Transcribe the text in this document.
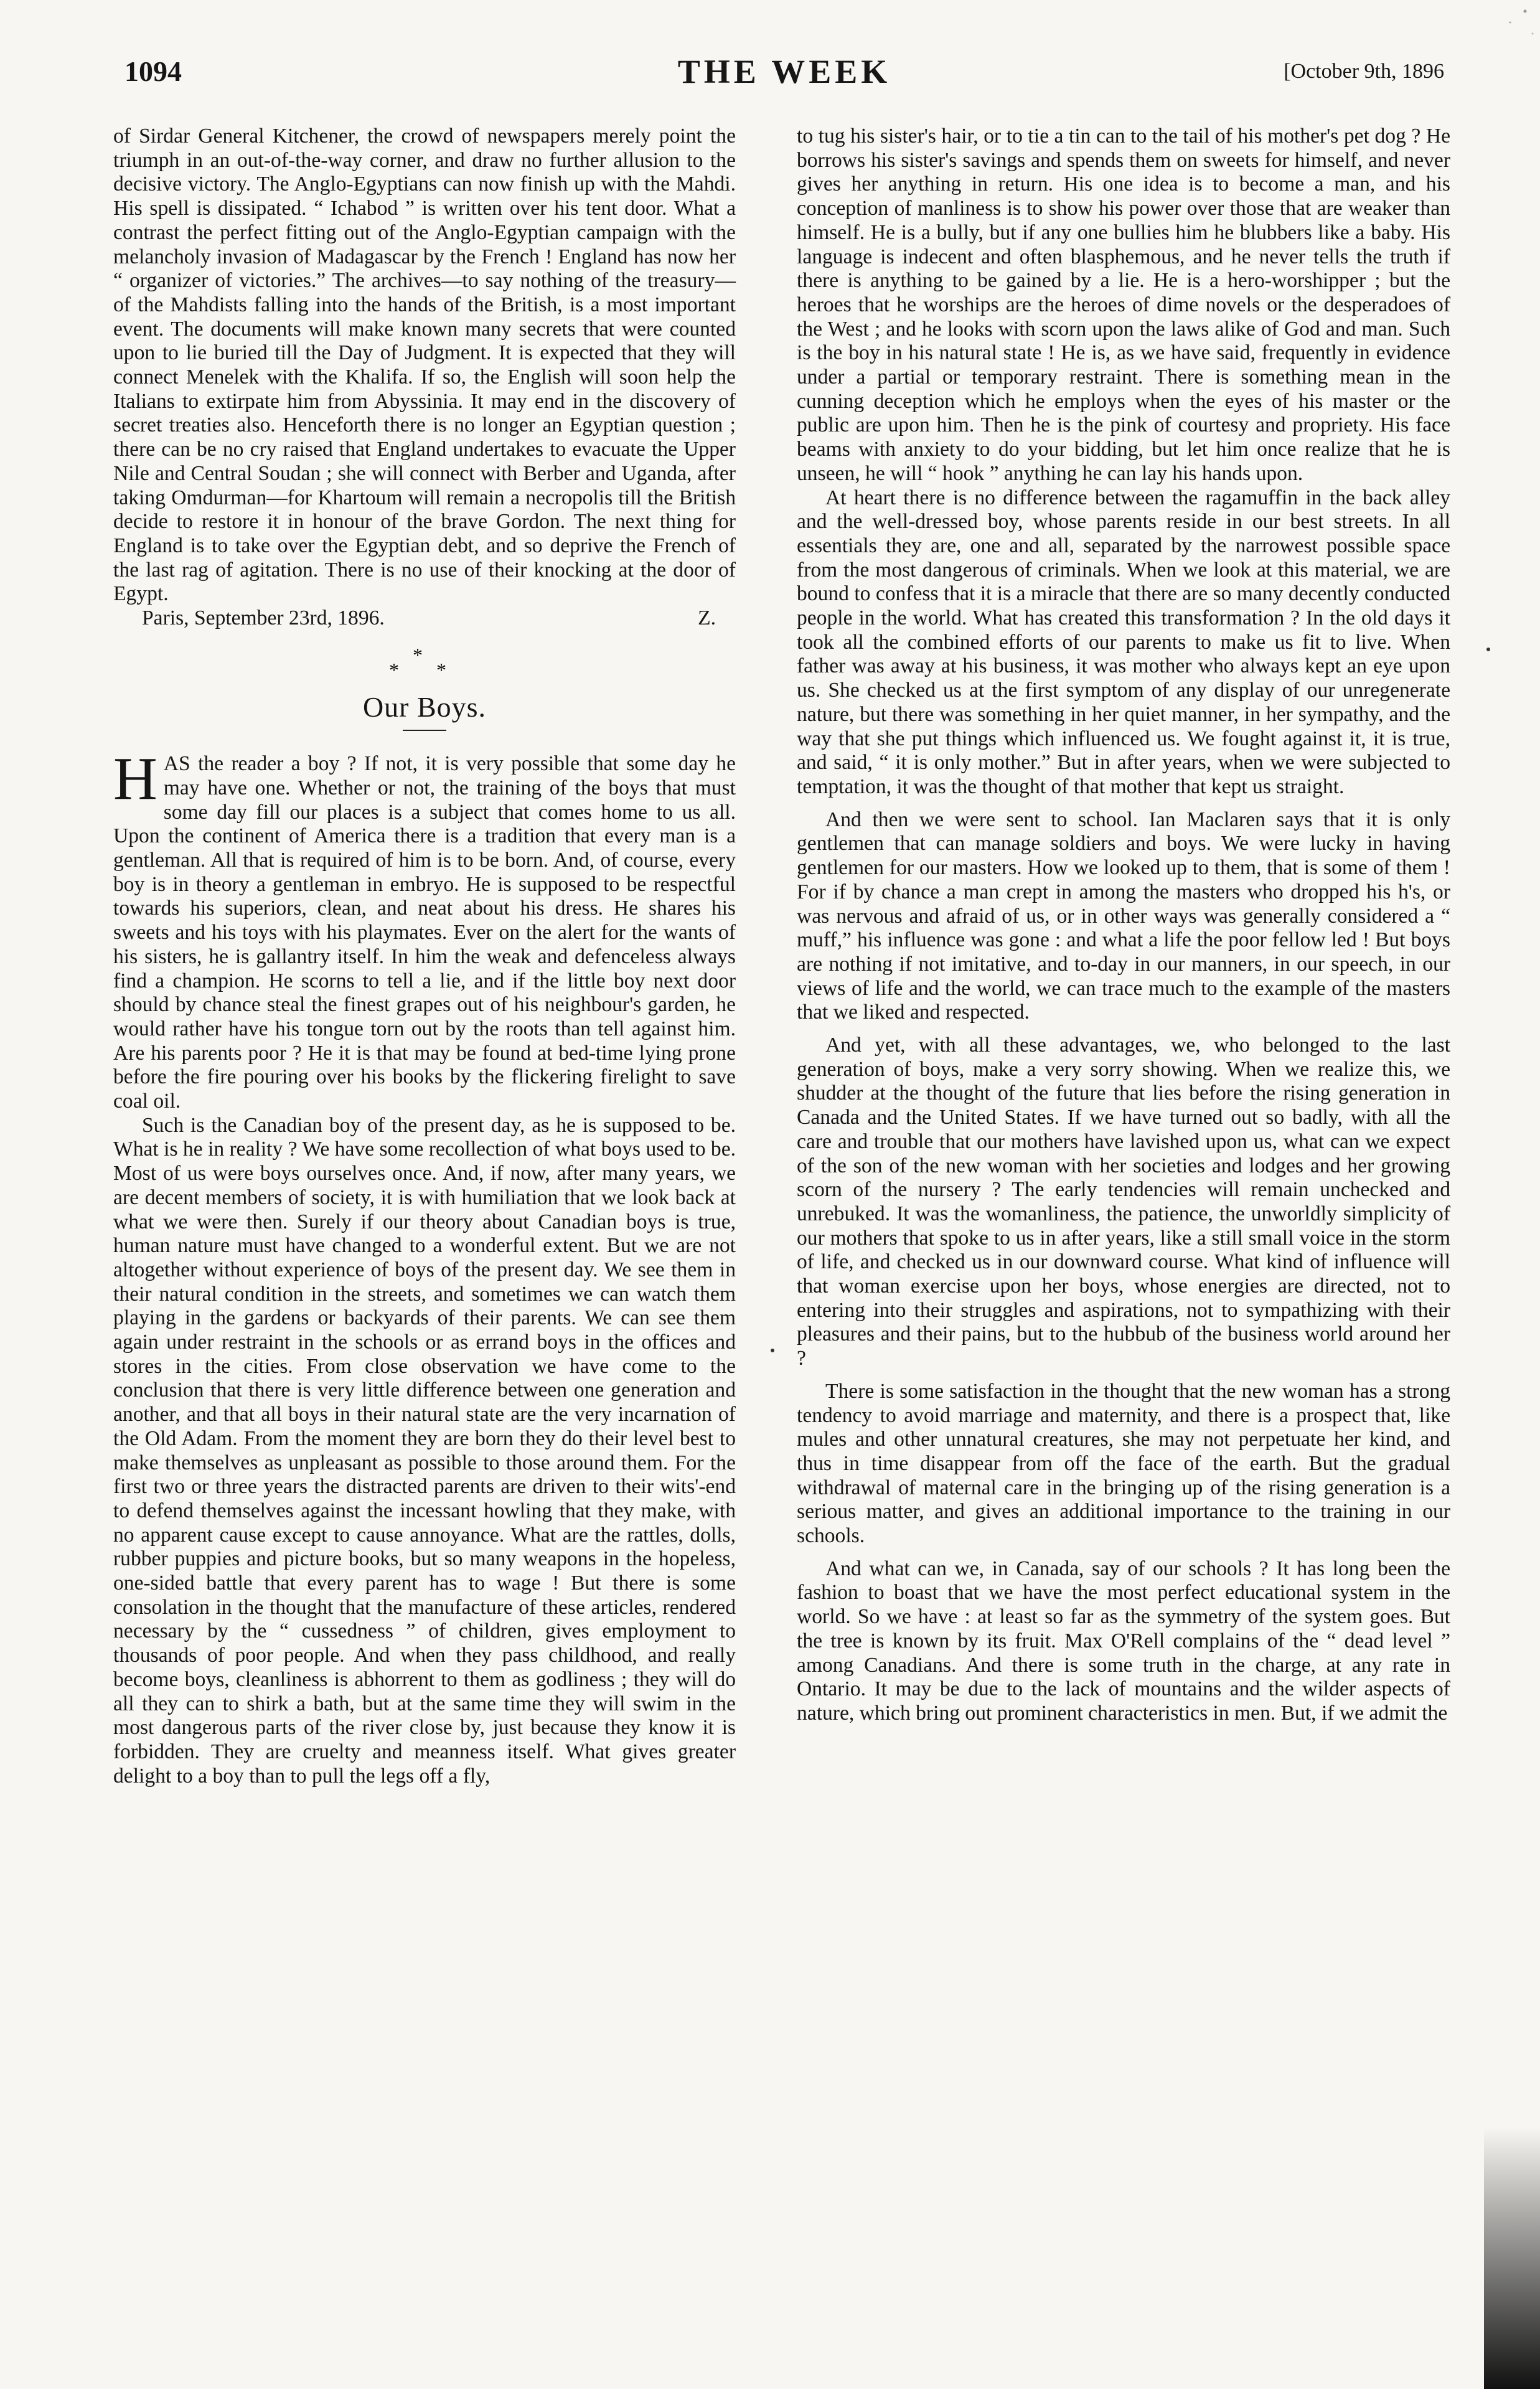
1094	THE WEEK	[October 9th, 1896

of Sirdar General Kitchener, the crowd of newspapers merely point the triumph in an out-of-the-way corner, and draw no further allusion to the decisive victory. The Anglo-Egyptians can now finish up with the Mahdi. His spell is dissipated. “ Ichabod ” is written over his tent door. What a contrast the perfect fitting out of the Anglo-Egyptian campaign with the melancholy invasion of Madagascar by the French ! England has now her “ organizer of victories.” The archives—to say nothing of the treasury—of the Mahdists falling into the hands of the British, is a most important event. The documents will make known many secrets that were counted upon to lie buried till the Day of Judgment. It is expected that they will connect Menelek with the Khalifa. If so, the English will soon help the Italians to extirpate him from Abyssinia. It may end in the discovery of secret treaties also. Henceforth there is no longer an Egyptian question ; there can be no cry raised that England undertakes to evacuate the Upper Nile and Central Soudan ; she will connect with Berber and Uganda, after taking Omdurman—for Khartoum will remain a necropolis till the British decide to restore it in honour of the brave Gordon. The next thing for England is to take over the Egyptian debt, and so deprive the French of the last rag of agitation. There is no use of their knocking at the door of Egypt.

Paris, September 23rd, 1896.	Z.
***
Our Boys.

HAS the reader a boy ? If not, it is very possible that some day he may have one. Whether or not, the training of the boys that must some day fill our places is a subject that comes home to us all. Upon the continent of America there is a tradition that every man is a gentleman. All that is required of him is to be born. And, of course, every boy is in theory a gentleman in embryo. He is supposed to be respectful towards his superiors, clean, and neat about his dress. He shares his sweets and his toys with his playmates. Ever on the alert for the wants of his sisters, he is gallantry itself. In him the weak and defenceless always find a champion. He scorns to tell a lie, and if the little boy next door should by chance steal the finest grapes out of his neighbour's garden, he would rather have his tongue torn out by the roots than tell against him. Are his parents poor ? He it is that may be found at bed-time lying prone before the fire pouring over his books by the flickering firelight to save coal oil.

Such is the Canadian boy of the present day, as he is supposed to be. What is he in reality ? We have some recollection of what boys used to be. Most of us were boys ourselves once. And, if now, after many years, we are decent members of society, it is with humiliation that we look back at what we were then. Surely if our theory about Canadian boys is true, human nature must have changed to a wonderful extent. But we are not altogether without experience of boys of the present day. We see them in their natural condition in the streets, and sometimes we can watch them playing in the gardens or backyards of their parents. We can see them again under restraint in the schools or as errand boys in the offices and stores in the cities. From close observation we have come to the conclusion that there is very little difference between one generation and another, and that all boys in their natural state are the very incarnation of the Old Adam. From the moment they are born they do their level best to make themselves as unpleasant as possible to those around them. For the first two or three years the distracted parents are driven to their wits'-end to defend themselves against the incessant howling that they make, with no apparent cause except to cause annoyance. What are the rattles, dolls, rubber puppies and picture books, but so many weapons in the hopeless, one-sided battle that every parent has to wage ! But there is some consolation in the thought that the manufacture of these articles, rendered necessary by the “ cussedness ” of children, gives employment to thousands of poor people. And when they pass childhood, and really become boys, cleanliness is abhorrent to them as godliness ; they will do all they can to shirk a bath, but at the same time they will swim in the most dangerous parts of the river close by, just because they know it is forbidden. They are cruelty and meanness itself. What gives greater delight to a boy than to pull the legs off a fly,

to tug his sister's hair, or to tie a tin can to the tail of his mother's pet dog ? He borrows his sister's savings and spends them on sweets for himself, and never gives her anything in return. His one idea is to become a man, and his conception of manliness is to show his power over those that are weaker than himself. He is a bully, but if any one bullies him he blubbers like a baby. His language is indecent and often blasphemous, and he never tells the truth if there is anything to be gained by a lie. He is a hero-worshipper ; but the heroes that he worships are the heroes of dime novels or the desperadoes of the West ; and he looks with scorn upon the laws alike of God and man. Such is the boy in his natural state ! He is, as we have said, frequently in evidence under a partial or temporary restraint. There is something mean in the cunning deception which he employs when the eyes of his master or the public are upon him. Then he is the pink of courtesy and propriety. His face beams with anxiety to do your bidding, but let him once realize that he is unseen, he will “ hook ” anything he can lay his hands upon.

At heart there is no difference between the ragamuffin in the back alley and the well-dressed boy, whose parents reside in our best streets. In all essentials they are, one and all, separated by the narrowest possible space from the most dangerous of criminals. When we look at this material, we are bound to confess that it is a miracle that there are so many decently conducted people in the world. What has created this transformation ? In the old days it took all the combined efforts of our parents to make us fit to live. When father was away at his business, it was mother who always kept an eye upon us. She checked us at the first symptom of any display of our unregenerate nature, but there was something in her quiet manner, in her sympathy, and the way that she put things which influenced us. We fought against it, it is true, and said, “ it is only mother.” But in after years, when we were subjected to temptation, it was the thought of that mother that kept us straight.

And then we were sent to school. Ian Maclaren says that it is only gentlemen that can manage soldiers and boys. We were lucky in having gentlemen for our masters. How we looked up to them, that is some of them ! For if by chance a man crept in among the masters who dropped his h's, or was nervous and afraid of us, or in other ways was generally considered a “ muff,” his influence was gone : and what a life the poor fellow led ! But boys are nothing if not imitative, and to-day in our manners, in our speech, in our views of life and the world, we can trace much to the example of the masters that we liked and respected.

And yet, with all these advantages, we, who belonged to the last generation of boys, make a very sorry showing. When we realize this, we shudder at the thought of the future that lies before the rising generation in Canada and the United States. If we have turned out so badly, with all the care and trouble that our mothers have lavished upon us, what can we expect of the son of the new woman with her societies and lodges and her growing scorn of the nursery ? The early tendencies will remain unchecked and unrebuked. It was the womanliness, the patience, the unworldly simplicity of our mothers that spoke to us in after years, like a still small voice in the storm of life, and checked us in our downward course. What kind of influence will that woman exercise upon her boys, whose energies are directed, not to entering into their struggles and aspirations, not to sympathizing with their pleasures and their pains, but to the hubbub of the business world around her ?

There is some satisfaction in the thought that the new woman has a strong tendency to avoid marriage and maternity, and there is a prospect that, like mules and other unnatural creatures, she may not perpetuate her kind, and thus in time disappear from off the face of the earth. But the gradual withdrawal of maternal care in the bringing up of the rising generation is a serious matter, and gives an additional importance to the training in our schools.

And what can we, in Canada, say of our schools ? It has long been the fashion to boast that we have the most perfect educational system in the world. So we have : at least so far as the symmetry of the system goes. But the tree is known by its fruit. Max O'Rell complains of the “ dead level ” among Canadians. And there is some truth in the charge, at any rate in Ontario. It may be due to the lack of mountains and the wilder aspects of nature, which bring out prominent characteristics in men. But, if we admit the
